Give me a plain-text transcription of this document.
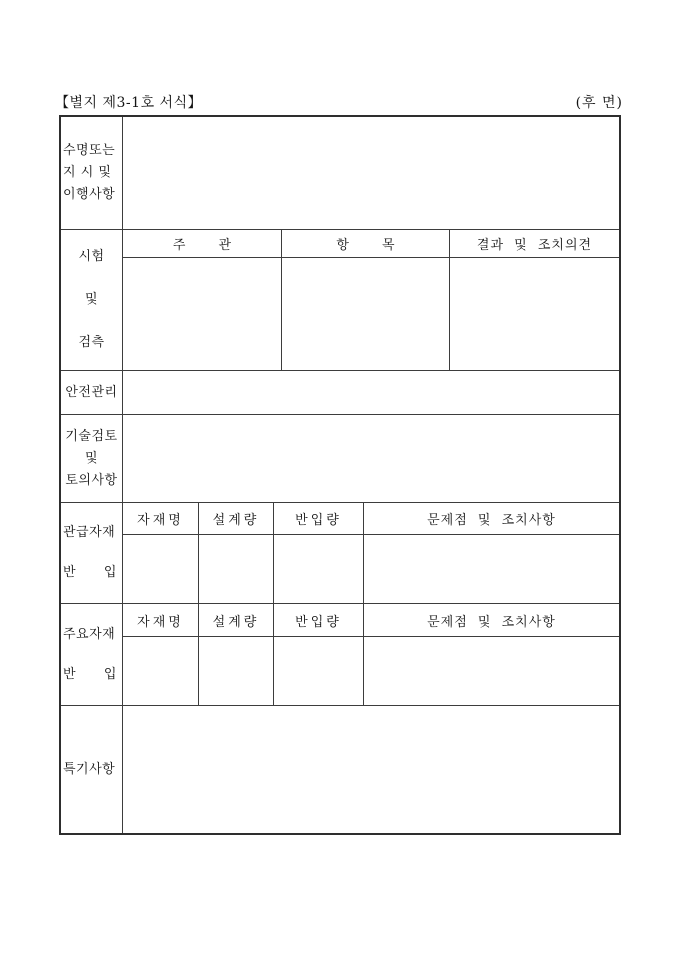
【별지 제3-1호 서식】	(후 면)
수명또는
지 시 및
이행사항
시험
및
검측
주        관	항        목	결과 및 조치의견
안전관리
기술검토
및
토의사항
관급자재
반      입
자재명	설계량	반입량	문제점 및 조치사항
주요자재
반      입
자재명	설계량	반입량	문제점 및 조치사항
특기사항
